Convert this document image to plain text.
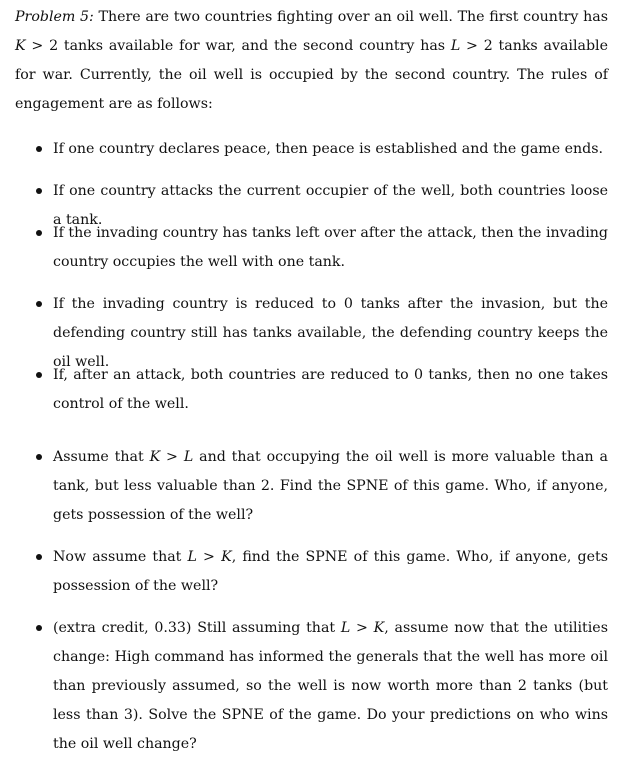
Problem 5: There are two countries fighting over an oil well. The first country has K > 2 tanks available for war, and the second country has L > 2 tanks available for war. Currently, the oil well is occupied by the second country. The rules of engagement are as follows:

If one country declares peace, then peace is established and the game ends.

If one country attacks the current occupier of the well, both countries loose a tank.

If the invading country has tanks left over after the attack, then the invading country occupies the well with one tank.

If the invading country is reduced to 0 tanks after the invasion, but the defending country still has tanks available, the defending country keeps the oil well.

If, after an attack, both countries are reduced to 0 tanks, then no one takes control of the well.

Assume that K > L and that occupying the oil well is more valuable than a tank, but less valuable than 2. Find the SPNE of this game. Who, if anyone, gets possession of the well?

Now assume that L > K, find the SPNE of this game. Who, if anyone, gets possession of the well?

(extra credit, 0.33) Still assuming that L > K, assume now that the utilities change: High command has informed the generals that the well has more oil than previously assumed, so the well is now worth more than 2 tanks (but less than 3). Solve the SPNE of the game. Do your predictions on who wins the oil well change?
